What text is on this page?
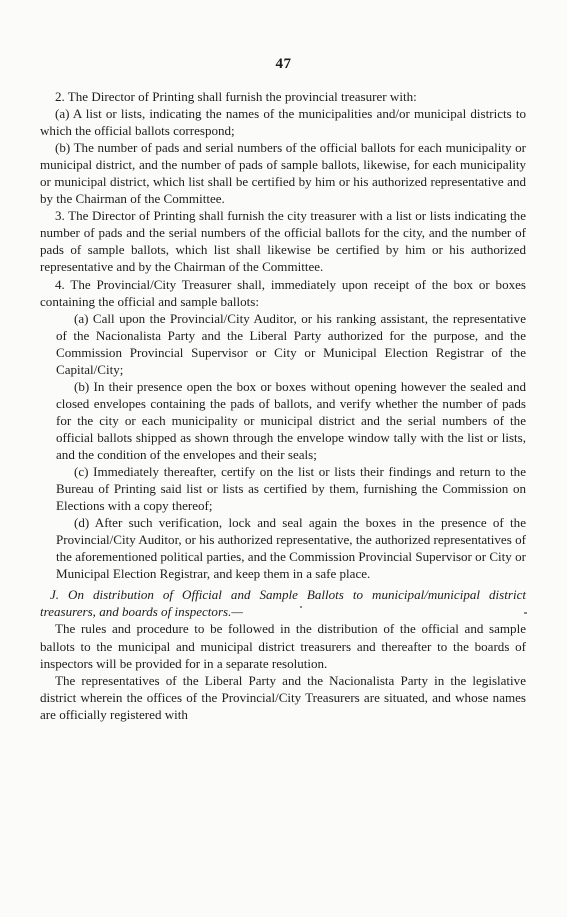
47

2. The Director of Printing shall furnish the provincial treasurer with:

(a) A list or lists, indicating the names of the municipalities and/or municipal districts to which the official ballots correspond;

(b) The number of pads and serial numbers of the official ballots for each municipality or municipal district, and the number of pads of sample ballots, likewise, for each municipality or municipal district, which list shall be certified by him or his authorized representative and by the Chairman of the Committee.

3. The Director of Printing shall furnish the city treasurer with a list or lists indicating the number of pads and the serial numbers of the official ballots for the city, and the number of pads of sample ballots, which list shall likewise be certified by him or his authorized representative and by the Chairman of the Committee.

4. The Provincial/City Treasurer shall, immediately upon receipt of the box or boxes containing the official and sample ballots:

(a) Call upon the Provincial/City Auditor, or his ranking assistant, the representative of the Nacionalista Party and the Liberal Party authorized for the purpose, and the Commission Provincial Supervisor or City or Municipal Election Registrar of the Capital/City;

(b) In their presence open the box or boxes without opening however the sealed and closed envelopes containing the pads of ballots, and verify whether the number of pads for the city or each municipality or municipal district and the serial numbers of the official ballots shipped as shown through the envelope window tally with the list or lists, and the condition of the envelopes and their seals;

(c) Immediately thereafter, certify on the list or lists their findings and return to the Bureau of Printing said list or lists as certified by them, furnishing the Commission on Elections with a copy thereof;

(d) After such verification, lock and seal again the boxes in the presence of the Provincial/City Auditor, or his authorized representative, the authorized representatives of the aforementioned political parties, and the Commission Provincial Supervisor or City or Municipal Election Registrar, and keep them in a safe place.

J. On distribution of Official and Sample Ballots to municipal/municipal district treasurers, and boards of inspectors.—

The rules and procedure to be followed in the distribution of the official and sample ballots to the municipal and municipal district treasurers and thereafter to the boards of inspectors will be provided for in a separate resolution.

The representatives of the Liberal Party and the Nacionalista Party in the legislative district wherein the offices of the Provincial/City Treasurers are situated, and whose names are officially registered with
